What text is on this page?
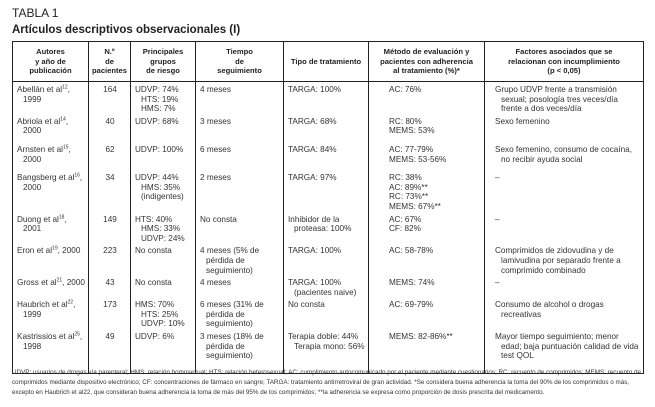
TABLA 1
Artículos descriptivos observacionales (I)
Autores
y año de
publicación	N.º
de
pacientes	Principales
grupos
de riesgo	Tiempo
de
seguimiento	Tipo de tratamiento	Método de evaluación y
pacientes con adherencia
al tratamiento (%)*	Factores asociados que se
relacionan con incumplimiento
(p < 0,05)
Abellán et $al^{12}$, 1999	164	UDVP: 74%
HTS: 19%
HMS: 7%	4 meses	TARGA: 100%	AC: 76%	Grupo UDVP frente a transmisión sexual; posología tres veces/día frente a dos veces/día
Abriola et $al^{14}$, 2000	40	UDVP: 68%	3 meses	TARGA: 68%	RC: 80%
MEMS: 53%	Sexo femenino
Arnsten et $al^{15}$, 2000	62	UDVP: 100%	6 meses	TARGA: 84%	AC: 77-79%
MEMS: 53-56%	Sexo femenino, consumo de cocaína, no recibir ayuda social
Bangsberg et $al^{16}$, 2000	34	UDVP: 44%
HMS: 35%
(indigentes)	2 meses	TARGA: 97%	RC: 38%
AC: 89%**
RC: 73%**
MEMS: 67%**	–
Duong et $al^{18}$, 2001	149	HTS: 40%
HMS: 33%
UDVP: 24%	No consta	Inhibidor de la proteasa: 100%	AC: 67%
CF: 82%	–
Eron et $al^{19}$, 2000	223	No consta	4 meses (5% de pérdida de seguimiento)	TARGA: 100%	AC: 58-78%	Comprimidos de zidovudina y de lamivudina por separado frente a comprimido combinado
Gross et $al^{21}$, 2000	43	No consta	4 meses	TARGA: 100%
(pacientes naive)	MEMS: 74%	–
Haubrich et $al^{22}$, 1999	173	HMS: 70%
HTS: 25%
UDVP: 10%	6 meses (31% de pérdida de seguimiento)	No consta	AC: 69-79%	Consumo de alcohol o drogas recreativas
Kastrissios et $al^{25}$, 1998	49	UDVP: 6%	3 meses (18% de pérdida de seguimiento)	Terapia doble: 44%
Terapia mono: 56%	MEMS: 82-86%**	Mayor tiempo seguimiento; menor edad; baja puntuación calidad de vida test QOL
UDVP: usuarios de drogas vía parenteral; HMS: relación homosexual; HTS: relación heterosexual; AC: cumplimiento autocomunicado por el paciente mediante cuestionarios; RC: recuento de comprimidos; MEMS: recuento de comprimidos mediante dispositivo electrónico; CF: concentraciones de fármaco en sangre; TARGA: tratamiento antirretroviral de gran actividad. *Se considera buena adherencia la toma del 90% de los comprimidos o más, excepto en Haubrich et al22, que consideran buena adherencia la toma de más del 95% de los comprimidos; **la adherencia se expresa como proporción de dosis prescrita del medicamento.
